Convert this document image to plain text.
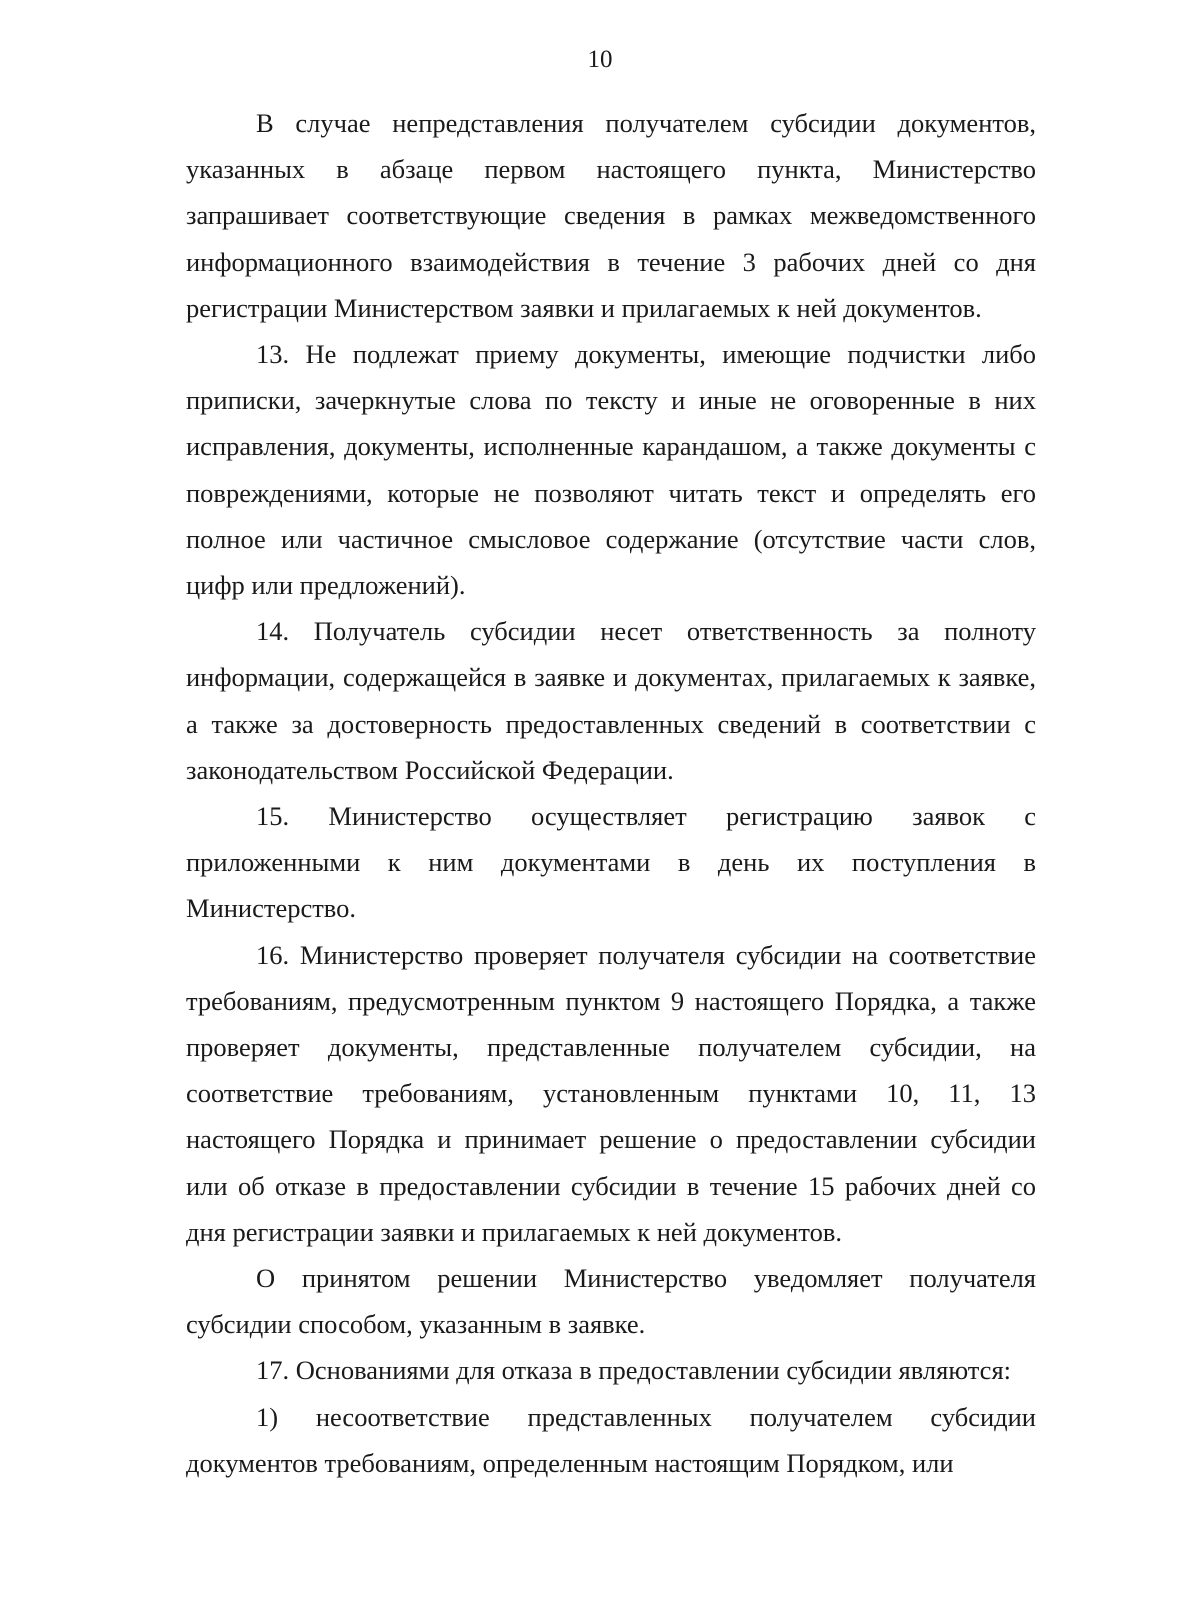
10

В случае непредставления получателем субсидии документов, указанных в абзаце первом настоящего пункта, Министерство запрашивает соответствующие сведения в рамках межведомственного информационного взаимодействия в течение 3 рабочих дней со дня регистрации Министерством заявки и прилагаемых к ней документов.

13. Не подлежат приему документы, имеющие подчистки либо приписки, зачеркнутые слова по тексту и иные не оговоренные в них исправления, документы, исполненные карандашом, а также документы с повреждениями, которые не позволяют читать текст и определять его полное или частичное смысловое содержание (отсутствие части слов, цифр или предложений).

14. Получатель субсидии несет ответственность за полноту информации, содержащейся в заявке и документах, прилагаемых к заявке, а также за достоверность предоставленных сведений в соответствии с законодательством Российской Федерации.

15. Министерство осуществляет регистрацию заявок с приложенными к ним документами в день их поступления в Министерство.

16. Министерство проверяет получателя субсидии на соответствие требованиям, предусмотренным пунктом 9 настоящего Порядка, а также проверяет документы, представленные получателем субсидии, на соответствие требованиям, установленным пунктами 10, 11, 13 настоящего Порядка и принимает решение о предоставлении субсидии или об отказе в предоставлении субсидии в течение 15 рабочих дней со дня регистрации заявки и прилагаемых к ней документов.

О принятом решении Министерство уведомляет получателя субсидии способом, указанным в заявке.

17. Основаниями для отказа в предоставлении субсидии являются:

1) несоответствие представленных получателем субсидии документов требованиям, определенным настоящим Порядком, или
